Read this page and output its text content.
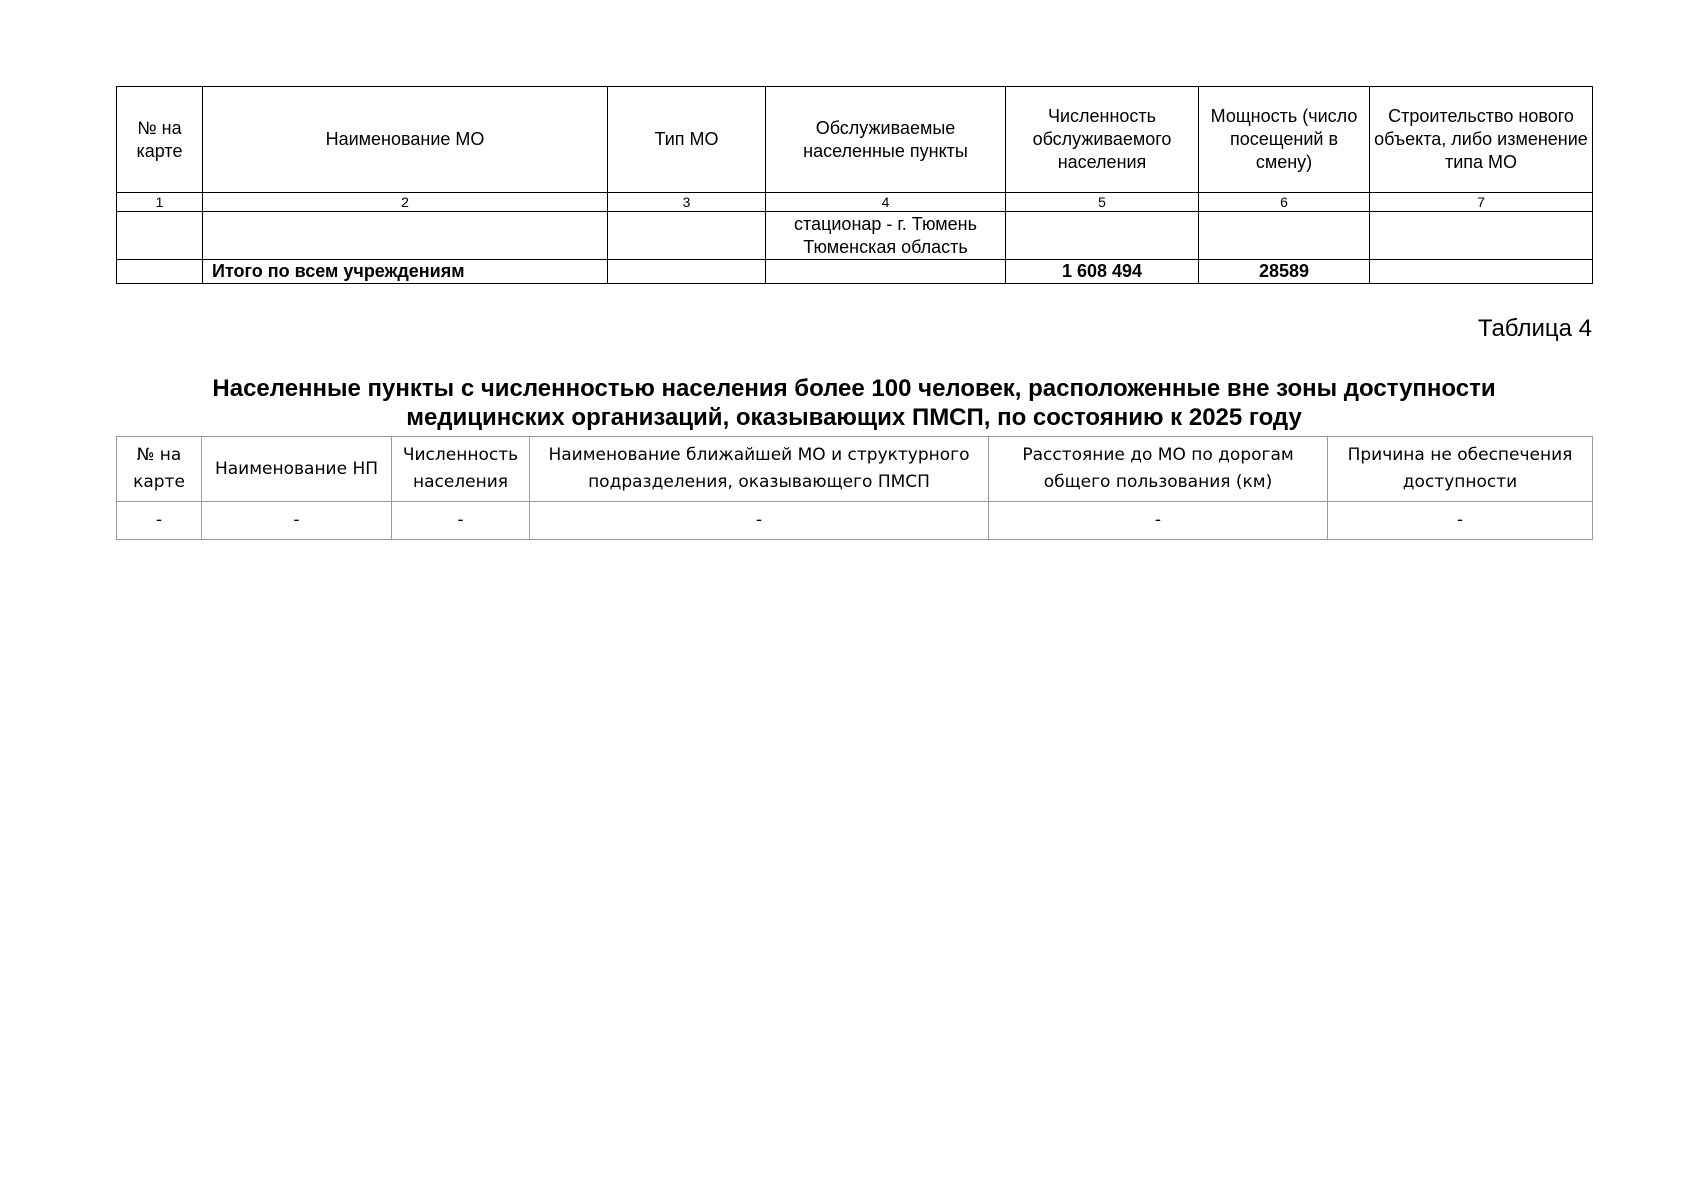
№ на карте	Наименование МО	Тип МО	Обслуживаемые населенные пункты	Численность обслуживаемого населения	Мощность (число посещений в смену)	Строительство нового объекта, либо изменение типа МО
1	2	3	4	5	6	7
			стационар - г. Тюмень
Тюменская область			
	Итого по всем учреждениям			1 608 494	28589	
Таблица 4
Населенные пункты с численностью населения более 100 человек, расположенные вне зоны доступности
медицинских организаций, оказывающих ПМСП, по состоянию к 2025 году
№ на карте	Наименование НП	Численность населения	Наименование ближайшей МО и структурного подразделения, оказывающего ПМСП	Расстояние до МО по дорогам общего пользования (км)	Причина не обеспечения доступности
-	-	-	-	-	-
